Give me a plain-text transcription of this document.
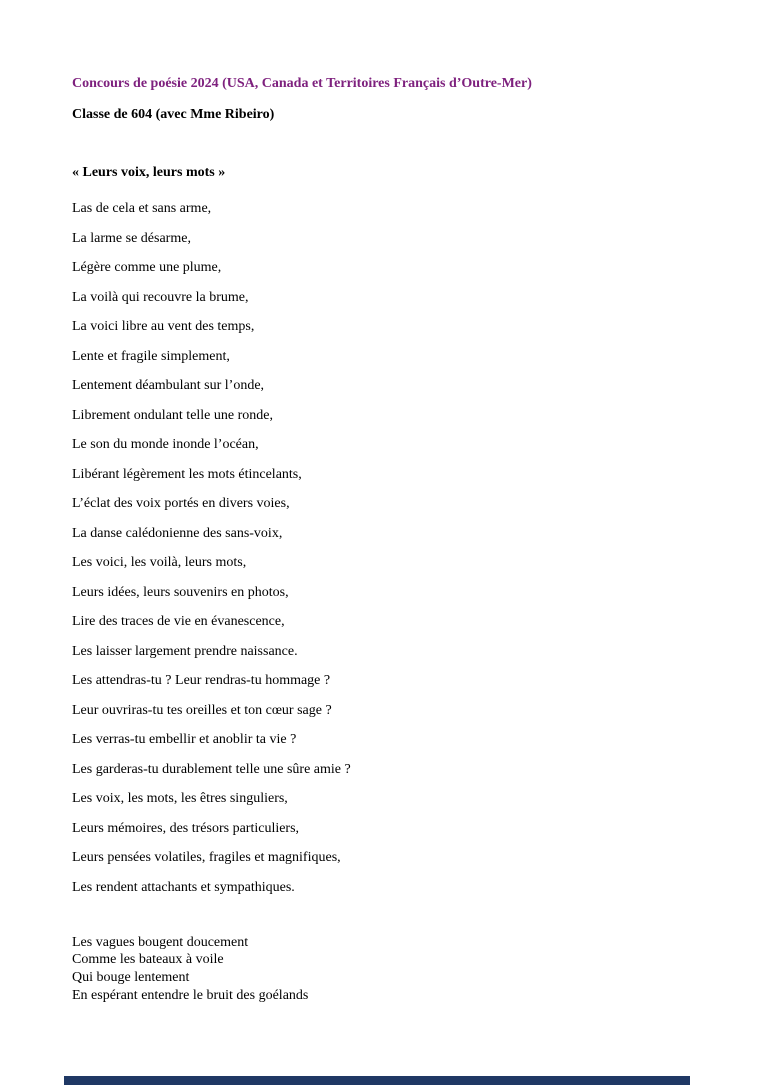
Concours de poésie 2024 (USA, Canada et Territoires Français d’Outre-Mer)

Classe de 604 (avec Mme Ribeiro)

« Leurs voix, leurs mots »

Las de cela et sans arme,

La larme se désarme,

Légère comme une plume,

La voilà qui recouvre la brume,

La voici libre au vent des temps,

Lente et fragile simplement,

Lentement déambulant sur l’onde,

Librement ondulant telle une ronde,

Le son du monde inonde l’océan,

Libérant légèrement les mots étincelants,

L’éclat des voix portés en divers voies,

La danse calédonienne des sans-voix,

Les voici, les voilà, leurs mots,

Leurs idées, leurs souvenirs en photos,

Lire des traces de vie en évanescence,

Les laisser largement prendre naissance.

Les attendras-tu ? Leur rendras-tu hommage ?

Leur ouvriras-tu tes oreilles et ton cœur sage ?

Les verras-tu embellir et anoblir ta vie ?

Les garderas-tu durablement telle une sûre amie ?

Les voix, les mots, les êtres singuliers,

Leurs mémoires, des trésors particuliers,

Leurs pensées volatiles, fragiles et magnifiques,

Les rendent attachants et sympathiques.

Les vagues bougent doucement

Comme les bateaux à voile

Qui bouge lentement

En espérant entendre le bruit des goélands
